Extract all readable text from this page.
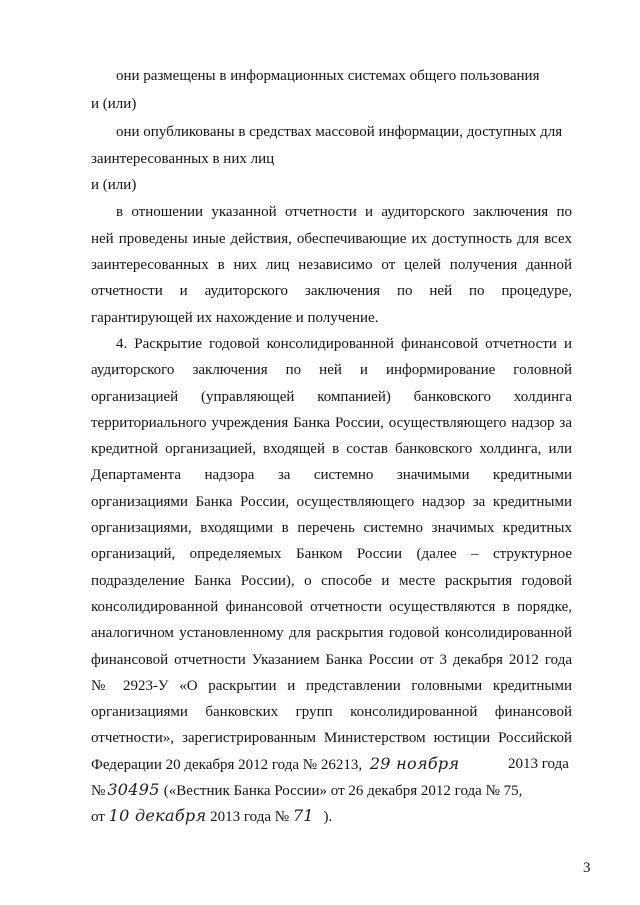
они размещены в информационных системах общего пользования
и (или)
они опубликованы в средствах массовой информации, доступных для
заинтересованных в них лиц
и (или)
в отношении указанной отчетности и аудиторского заключения по
ней проведены иные действия, обеспечивающие их доступность для всех
заинтересованных в них лиц независимо от целей получения данной
отчетности и аудиторского заключения по ней по процедуре,
гарантирующей их нахождение и получение.
4. Раскрытие годовой консолидированной финансовой отчетности и
аудиторского заключения по ней и информирование головной
организацией (управляющей компанией) банковского холдинга
территориального учреждения Банка России, осуществляющего надзор за
кредитной организацией, входящей в состав банковского холдинга, или
Департамента надзора за системно значимыми кредитными
организациями Банка России, осуществляющего надзор за кредитными
организациями, входящими в перечень системно значимых кредитных
организаций, определяемых Банком России (далее – структурное
подразделение Банка России), о способе и месте раскрытия годовой
консолидированной финансовой отчетности осуществляются в порядке,
аналогичном установленному для раскрытия годовой консолидированной
финансовой отчетности Указанием Банка России от 3 декабря 2012 года
№ 2923-У «О раскрытии и представлении головными кредитными
организациями банковских групп консолидированной финансовой
отчетности», зарегистрированным Министерством юстиции Российской
Федерации 20 декабря 2012 года № 26213, 29 ноября	2013 года
№ 30495 («Вестник Банка России» от 26 декабря 2012 года № 75,
от 10 декабря 2013 года № 71 ).
3
